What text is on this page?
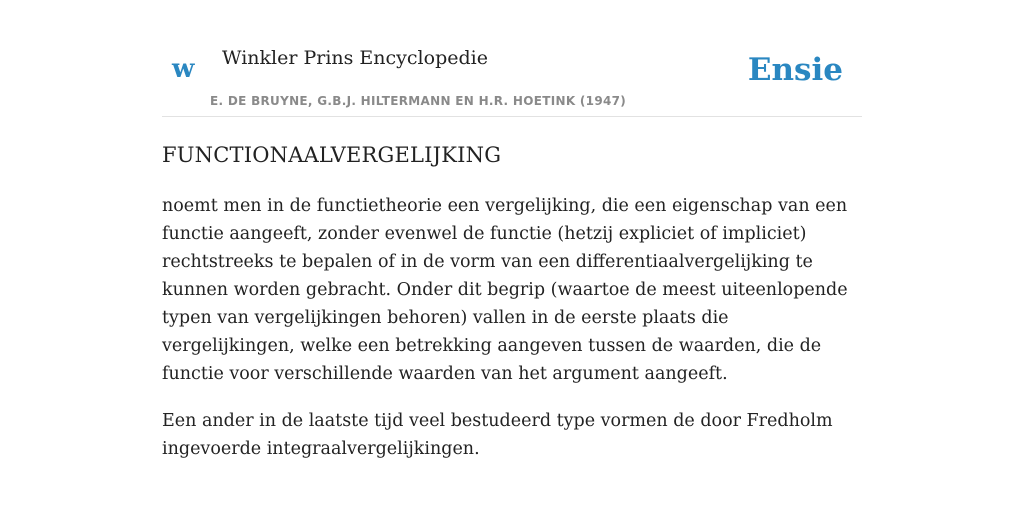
w Winkler Prins Encyclopedie
E. DE BRUYNE, G.B.J. HILTERMANN EN H.R. HOETINK (1947)
Ensie
FUNCTIONAALVERGELIJKING

noemt men in de functietheorie een vergelijking, die een eigenschap van een functie aangeeft, zonder evenwel de functie (hetzij expliciet of impliciet) rechtstreeks te bepalen of in de vorm van een differentiaalvergelijking te kunnen worden gebracht. Onder dit begrip (waartoe de meest uiteenlopende typen van vergelijkingen behoren) vallen in de eerste plaats die vergelijkingen, welke een betrekking aangeven tussen de waarden, die de functie voor verschillende waarden van het argument aangeeft.

Een ander in de laatste tijd veel bestudeerd type vormen de door Fredholm ingevoerde integraalvergelijkingen.
